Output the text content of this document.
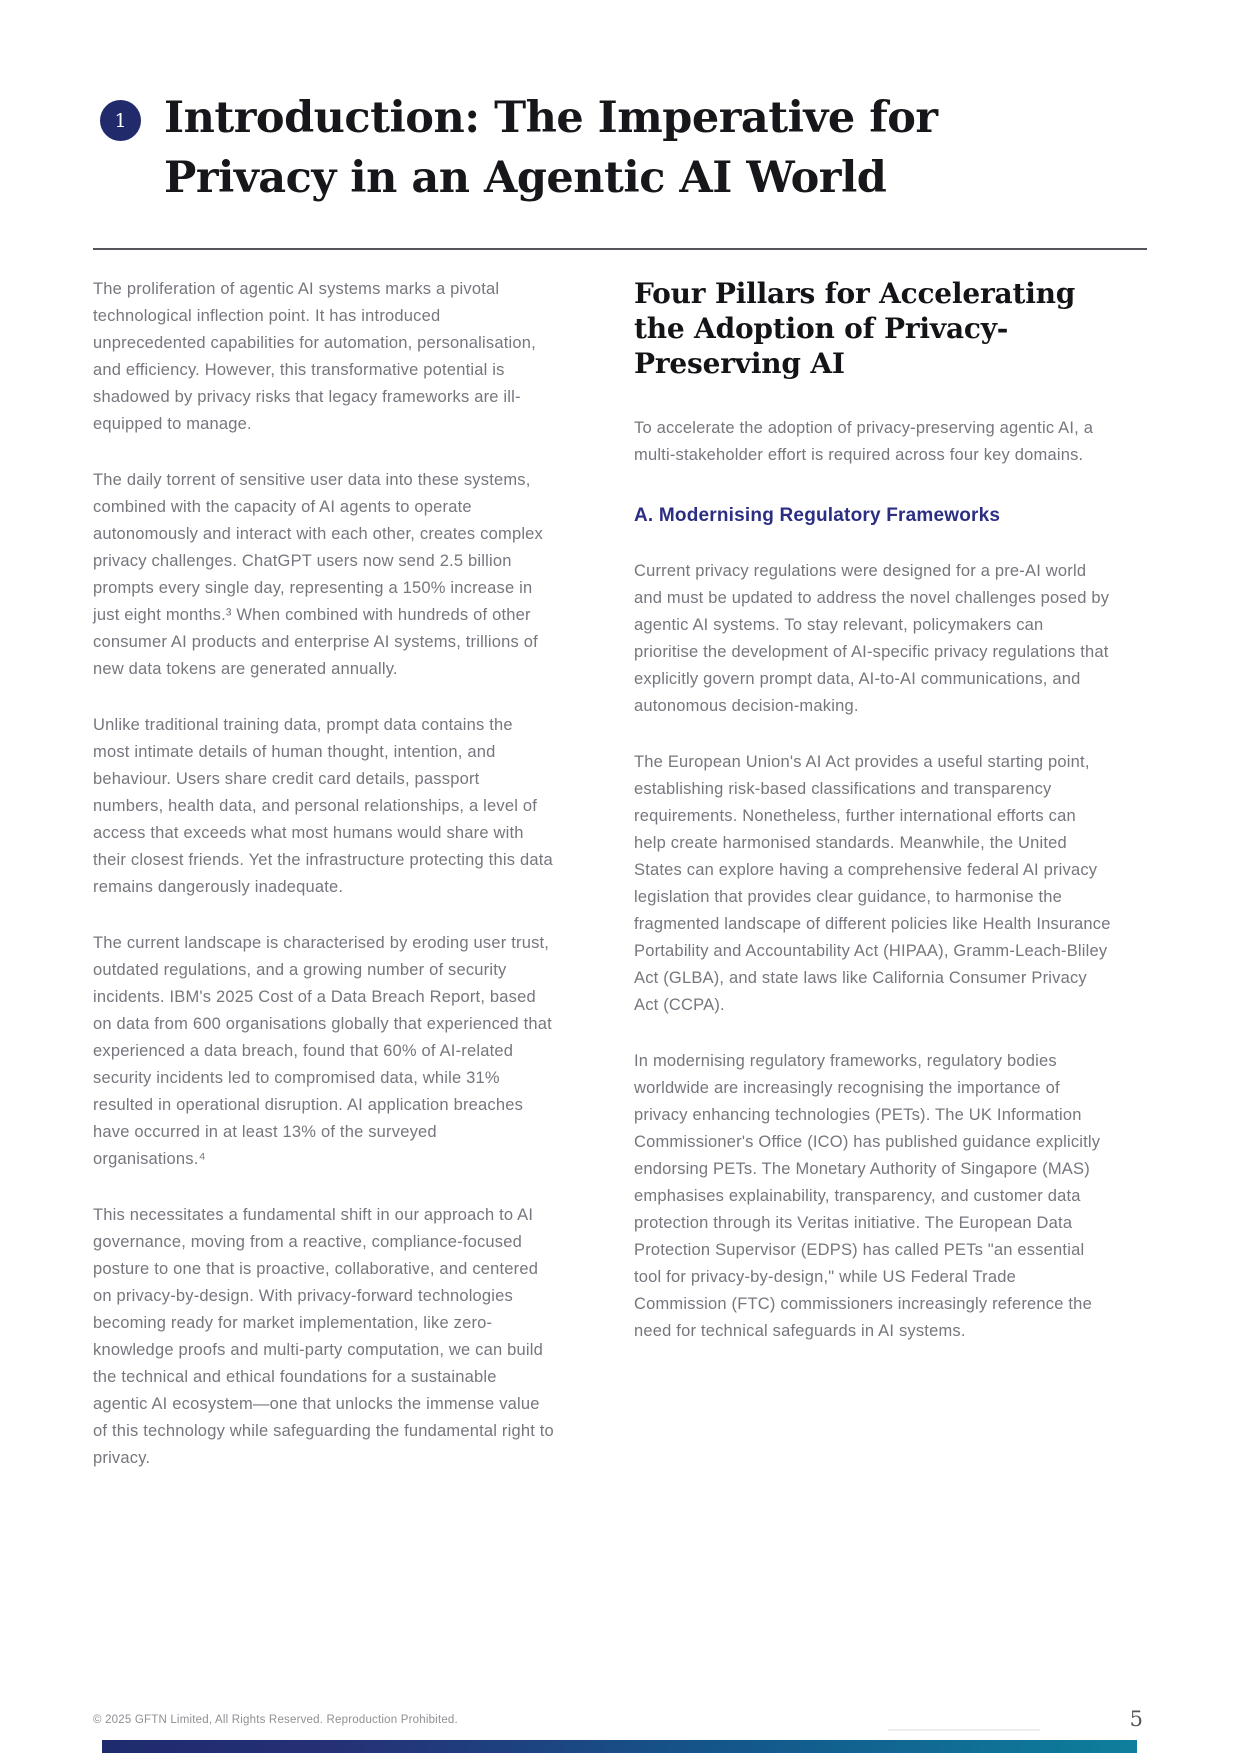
1 Introduction: The Imperative for
Privacy in an Agentic AI World

The proliferation of agentic AI systems marks a pivotal technological inflection point. It has introduced unprecedented capabilities for automation, personalisation, and efficiency. However, this transformative potential is shadowed by privacy risks that legacy frameworks are ill-equipped to manage.

The daily torrent of sensitive user data into these systems, combined with the capacity of AI agents to operate autonomously and interact with each other, creates complex privacy challenges. ChatGPT users now send 2.5 billion prompts every single day, representing a 150% increase in just eight months.³ When combined with hundreds of other consumer AI products and enterprise AI systems, trillions of new data tokens are generated annually.

Unlike traditional training data, prompt data contains the most intimate details of human thought, intention, and behaviour. Users share credit card details, passport numbers, health data, and personal relationships, a level of access that exceeds what most humans would share with their closest friends. Yet the infrastructure protecting this data remains dangerously inadequate.

The current landscape is characterised by eroding user trust, outdated regulations, and a growing number of security incidents. IBM's 2025 Cost of a Data Breach Report, based on data from 600 organisations globally that experienced that experienced a data breach, found that 60% of AI-related security incidents led to compromised data, while 31% resulted in operational disruption. AI application breaches have occurred in at least 13% of the surveyed organisations.⁴

This necessitates a fundamental shift in our approach to AI governance, moving from a reactive, compliance-focused posture to one that is proactive, collaborative, and centered on privacy-by-design. With privacy-forward technologies becoming ready for market implementation, like zero-knowledge proofs and multi-party computation, we can build the technical and ethical foundations for a sustainable agentic AI ecosystem—one that unlocks the immense value of this technology while safeguarding the fundamental right to privacy.

Four Pillars for Accelerating the Adoption of Privacy-Preserving AI

To accelerate the adoption of privacy-preserving agentic AI, a multi-stakeholder effort is required across four key domains.

A. Modernising Regulatory Frameworks

Current privacy regulations were designed for a pre-AI world and must be updated to address the novel challenges posed by agentic AI systems. To stay relevant, policymakers can prioritise the development of AI-specific privacy regulations that explicitly govern prompt data, AI-to-AI communications, and autonomous decision-making.

The European Union's AI Act provides a useful starting point, establishing risk-based classifications and transparency requirements. Nonetheless, further international efforts can help create harmonised standards. Meanwhile, the United States can explore having a comprehensive federal AI privacy legislation that provides clear guidance, to harmonise the fragmented landscape of different policies like Health Insurance Portability and Accountability Act (HIPAA), Gramm-Leach-Bliley Act (GLBA), and state laws like California Consumer Privacy Act (CCPA).

In modernising regulatory frameworks, regulatory bodies worldwide are increasingly recognising the importance of privacy enhancing technologies (PETs). The UK Information Commissioner's Office (ICO) has published guidance explicitly endorsing PETs. The Monetary Authority of Singapore (MAS) emphasises explainability, transparency, and customer data protection through its Veritas initiative. The European Data Protection Supervisor (EDPS) has called PETs "an essential tool for privacy-by-design," while US Federal Trade Commission (FTC) commissioners increasingly reference the need for technical safeguards in AI systems.

© 2025 GFTN Limited, All Rights Reserved. Reproduction Prohibited.	5
